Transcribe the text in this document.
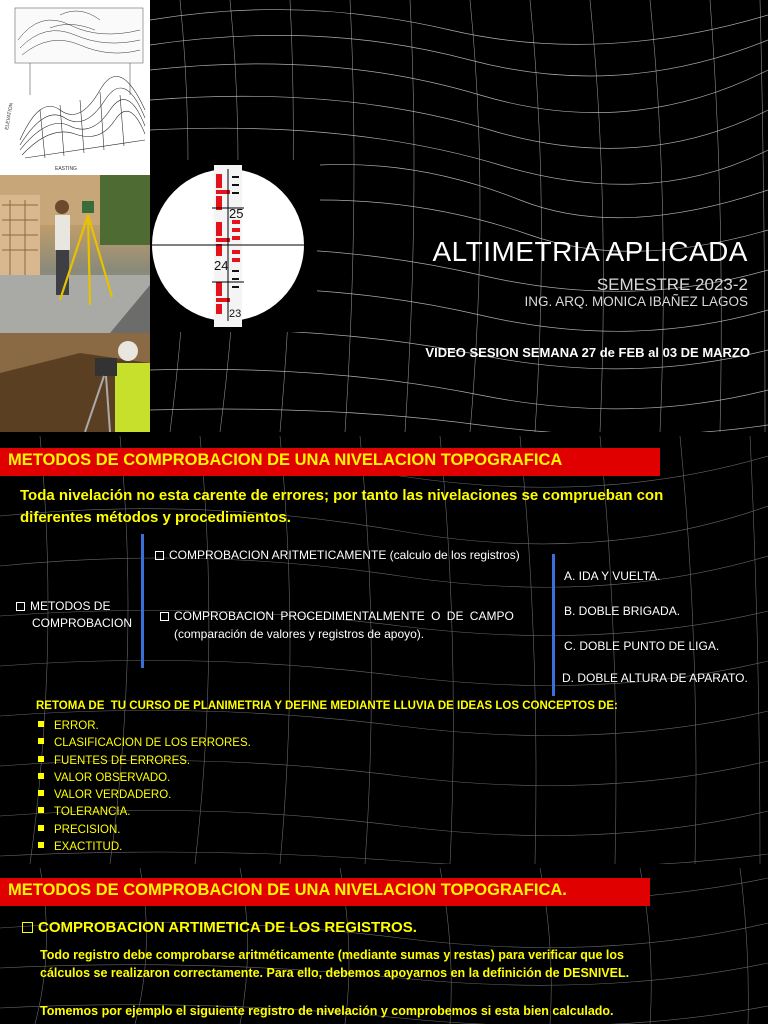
ELEVATION
EASTING
25
24
23
ALTIMETRIA APLICADA
SEMESTRE 2023-2
ING. ARQ. MONICA IBAÑEZ LAGOS
VIDEO SESION SEMANA 27 de FEB al 03 DE MARZO
METODOS DE COMPROBACION DE UNA NIVELACION TOPOGRAFICA
Toda nivelación no esta carente de errores; por tanto las nivelaciones se comprueban con
diferentes métodos y procedimientos.
METODOS DE
COMPROBACION
COMPROBACION ARITMETICAMENTE (calculo de los registros)
COMPROBACION PROCEDIMENTALMENTE O DE CAMPO
(comparación de valores y registros de apoyo).
A. IDA Y VUELTA.
B. DOBLE BRIGADA.
C. DOBLE PUNTO DE LIGA.
D. DOBLE ALTURA DE APARATO.
RETOMA DE  TU CURSO DE PLANIMETRIA Y DEFINE MEDIANTE LLUVIA DE IDEAS LOS CONCEPTOS DE:
ERROR.
CLASIFICACION DE LOS ERRORES.
FUENTES DE ERRORES.
VALOR OBSERVADO.
VALOR VERDADERO.
TOLERANCIA.
PRECISION.
EXACTITUD.
METODOS DE COMPROBACION DE UNA NIVELACION TOPOGRAFICA.
COMPROBACION ARTIMETICA DE LOS REGISTROS.
Todo registro debe comprobarse aritméticamente (mediante sumas y restas) para verificar que los
cálculos se realizaron correctamente. Para ello, debemos apoyarnos en la definición de DESNIVEL.
Tomemos por ejemplo el siguiente registro de nivelación y comprobemos si esta bien calculado.
